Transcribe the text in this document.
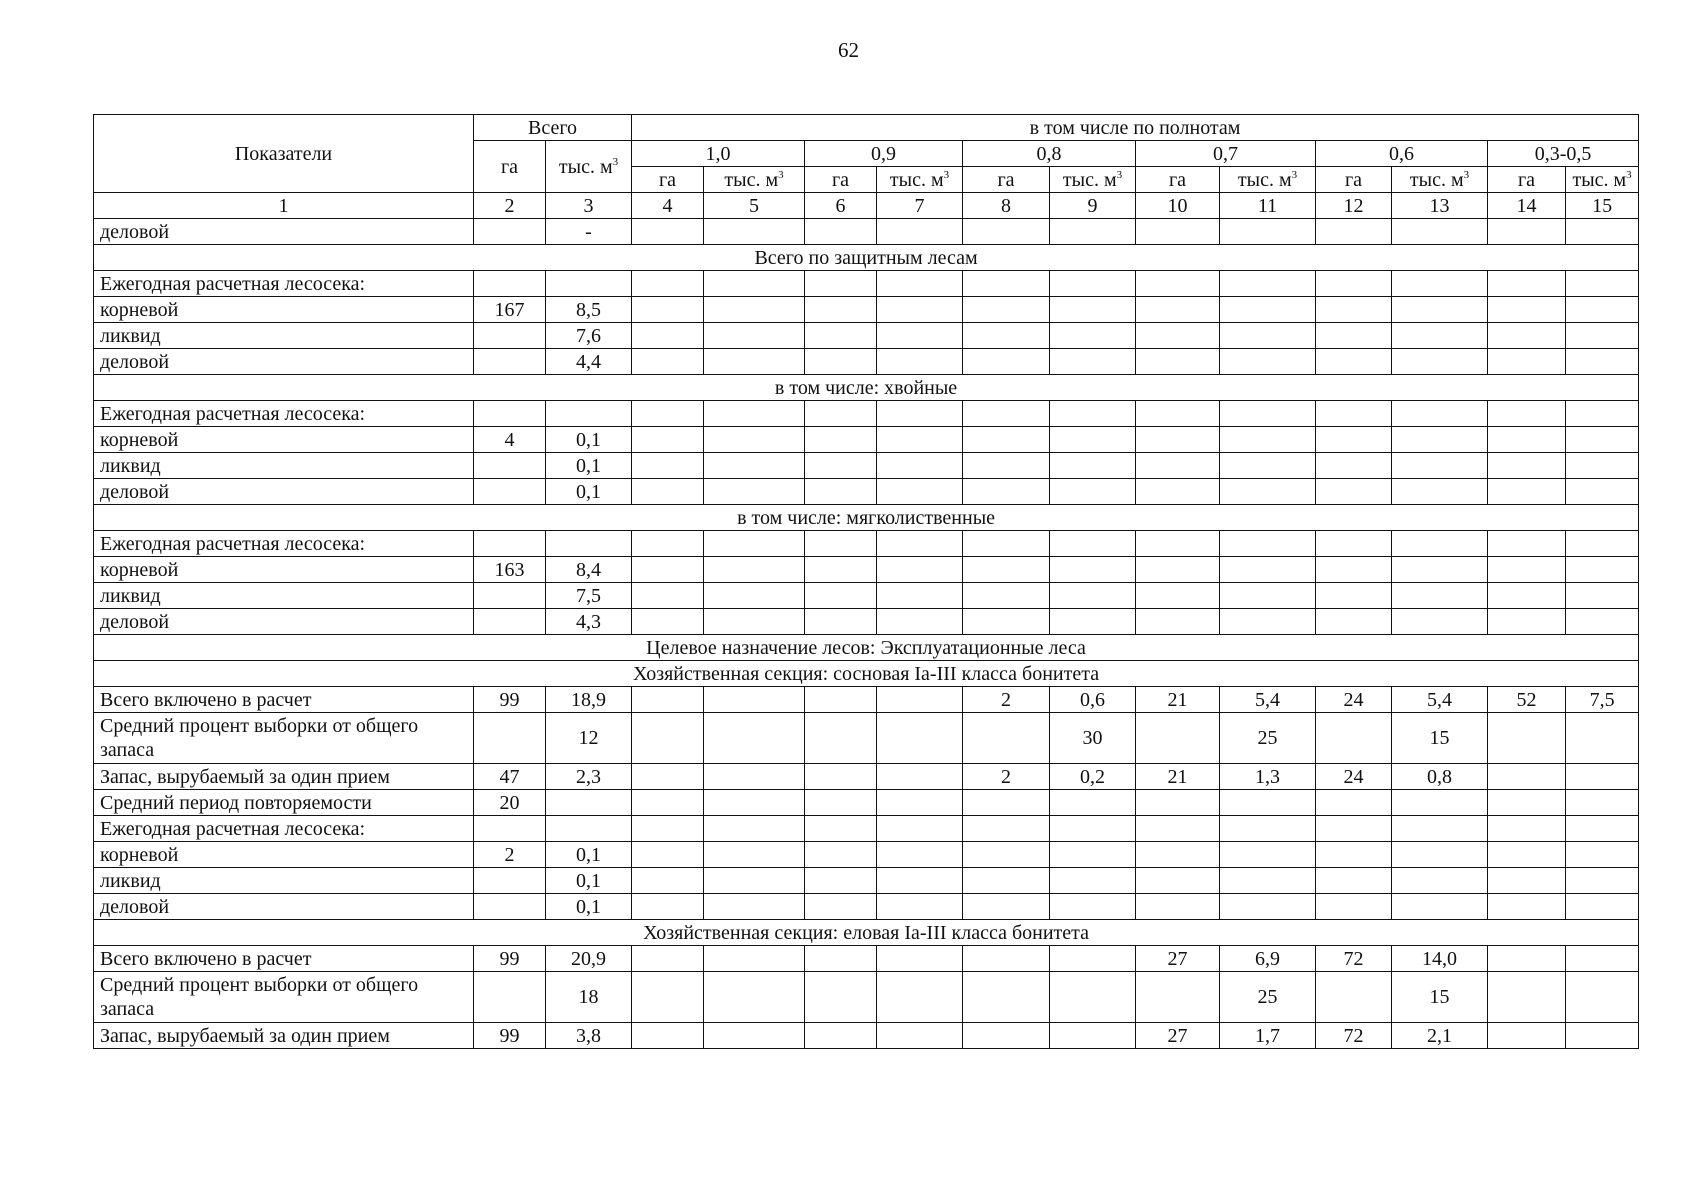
62
Показатели	Всего		в том числе по полнотам											
	га	тыс. $м^3$	1,0		0,9		0,8		0,7		0,6		0,3-0,5	
			га	тыс. $м^3$	га	тыс. $м^3$	га	тыс. $м^3$	га	тыс. $м^3$	га	тыс. $м^3$	га	тыс. $м^3$
1	2	3	4	5	6	7	8	9	10	11	12	13	14	15
деловой		-												
Всего по защитным лесам														
Ежегодная расчетная лесосека:														
корневой	167	8,5												
ликвид		7,6												
деловой		4,4												
в том числе: хвойные														
Ежегодная расчетная лесосека:														
корневой	4	0,1												
ликвид		0,1												
деловой		0,1												
в том числе: мягколиственные														
Ежегодная расчетная лесосека:														
корневой	163	8,4												
ликвид		7,5												
деловой		4,3												
Целевое назначение лесов: Эксплуатационные леса														
Хозяйственная секция: сосновая Iа-III класса бонитета														
Всего включено в расчет	99	18,9					2	0,6	21	5,4	24	5,4	52	7,5
Средний процент выборки от общего запаса		12						30		25		15		
Запас, вырубаемый за один прием	47	2,3					2	0,2	21	1,3	24	0,8		
Средний период повторяемости	20													
Ежегодная расчетная лесосека:														
корневой	2	0,1												
ликвид		0,1												
деловой		0,1												
Хозяйственная секция: еловая Iа-III класса бонитета														
Всего включено в расчет	99	20,9							27	6,9	72	14,0		
Средний процент выборки от общего запаса		18								25		15		
Запас, вырубаемый за один прием	99	3,8							27	1,7	72	2,1		
